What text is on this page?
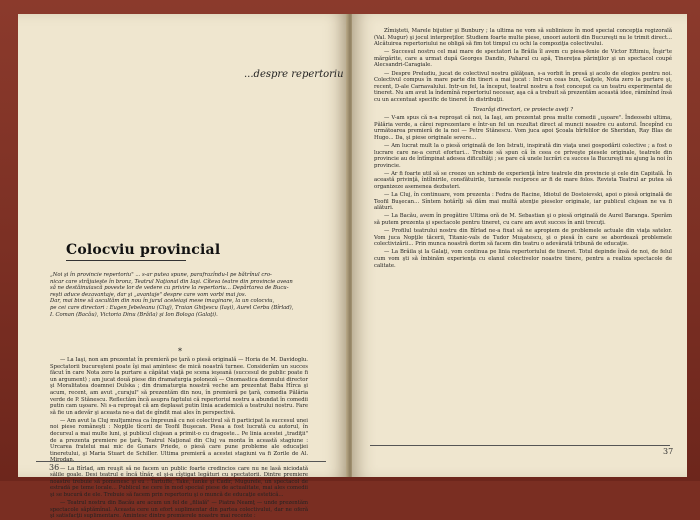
...despre repertoriu
Colocviu provincial
„Noi şi în provincie repertoriu" ... s-ar putea spune, parafrazîndu-l pe bătrînul cro-
nicar care străjuieşte în bronz, Teatrul Naţional din Iaşi. Cîteva teatre din provincie avean
să ne destăinuiască poveste lor de vedere cu privire la repertoriu... Depărtarea de Bucu-
reşti aduce dezavantaje, dar şi „avantaje" despre care vom vorbi mai jos.
Dar, mai bine să ascultăm din nou în jurul aceleiaşi mese imaginare, la un colocviu,
pe cei care directori : Eugen Jebeleanu (Cluj), Traian Ghiţescu (Iaşi), Aurel Cerbu (Bîrlad),
I. Coman (Bacău), Victoria Dinu (Brăila) şi Ion Bologa (Galaţi).
*

— La Iaşi, non am prezentat în premieră pe ţară o piesă originală — Horia de M. Davidoglu. Spectatorii bucureşteni poate îşi mai amintesc de mică noastră turnee. Considerăm un succes făcut în care Nota zero la purtare a căpătat viaţă pe scena ieşeană (succesul de public poate fi un argument) ; am jucat două piese din dramaturgia poloneză — Onomastica domnului director şi Moralitatea doamnei Dulska ; din dramaturgia noastră veche am prezentat Baba Hîrca şi acum, recent, am avut „curajul" să prezentăm din nou, în premieră pe ţară, comedia Pălăria verde de P. Stănescu. Reflectăm încă asupra faptului că repertoriul nostru a abundat în comedii putin cam uşoare. Ni s-a reproşat că am deplasat putin linia academică a teatrului nostru. Fare să fie un adevăr şi aceasta ne-a dat de gîndit mai ales în perspectivă.

— Am avut la Cluj mulţumirea ca împreună cu noi colectivul să fi participat la succesul unei noi piese româneşti : Nopţile tîcerii de Teofil Buşecan. Piesa a fost lucrată cu autorul, în decursul a mai multe luni, şi publicul clujean a primit-o cu dragoste... Pe linia acestei „tradiţii" de a prezenta premiere pe ţară, Teatrul Naţional din Cluj va monta în această stagiune : Urcarea fratelui mai mic de Gunars Priede, o piesă care pune probleme ale educaţiei tineretului, şi Maria Stuart de Schiller. Ultima premieră a acestei stagiuni va fi Zorile de Al.

— La Bîrlad, am reuşit să ne facem un public foarte credincios care nu ne lasă niciodată sălile goale. Desi teatrul e încă tînăr, el şi-a cîştigat legături cu spectatorii. Dintre premiere noastre trebuie să pomenesc şi eu : Tartuffe, Take, Ianke şi Cadîr, Mugurele, un spectacol de estradă pe teme locale... Publicul ne cere în mod special piese de actualitate, mai ales comedii şi se bucură de ele. Trebuie să facem prin repertoriu şi o muncă de educaţie estetică...

— Teatrul nostru din Bacău are acum un fel de „filială" — Piatra Neamţ — unde prezentăm spectacole săptămînal. Aceasta cere un efort suplimentar din partea colectivului, dar ne oferă şi satisfacţii suplimentare. Amintesc dintre premierele noastre mai recente :

36

Zîmişteti, Marele bijutier şi Bunbury ; la ultima ne vom să sublinieze în mod special concepţia regizorală (Val. Mugur) şi jocul interpreţilor. Studiem foarte multe piese, unoori autorii din Bucureşti nu le trimit direct... Alcătuirea repertoriului ne obligă să fim tot timpul cu ochi la compoziţia colectivului.

— Succesul nostru cel mai mare de spectatori la Brăila îl avem cu piesa-fenie de Victor Eftimiu, Înşir'te mărgărite, care a urmat după Georges Dandin, Paharul cu apă, Tinereţea părinţilor şi un spectacol coupé Alecsandri-Caragiale.

— Despre Preludiu, jucat de colectivul nostru gălăţean, s-a vorbit în presă şi acolo de elogios pentru noi. Colectivul compus în mare parte din tineri a mai jucat : Intr-un ceas bun, Gaiţele, Nota zero la purtare şi, recent, D-ale Carnavalului. Intr-un fel, la început, teatrul nostru a fost conceput ca un teatru experimental de tineret. Nu am avut la îndemînă repertoriul necesar, aşa că a trebuit să prezentăm această idee, rămînînd însă cu un accentuat specific de tineret în distribuţii.

Tovarăşi directori, ce proiecte aveţi ?

— V-am spus că n-a reproşat că noi, la Iaşi, am prezentat prea multe comedii „uşoare". Îndeosebi ultima, Pălăria verde, a cărei reprezentare e într-un fel un rezultat direct al muncii noastre cu autorul. Începînd cu următoarea premieră de la noi — Petre Stănescu. Vom juca apoi Şcoala bîrfelilor de Sheridan, Ray Blas de Hugo... Da, şi piese originale severe...

— Am lucrat mult la o piesă originală de Ion Istrati, inspirată din viaţa unei gospodării colective ; a fost o lucrare care ne-a cerut eforturi... Trebuie să spun că în ceea ce priveşte piesele originale, teatrele din provincie au de întîmpinat adesea dificultăţi ; se pare că unele lucrări cu succes la Bucureşti nu ajung la noi în provincie.

— Ar fi foarte util să se creeze un schimb de experienţă între teatrele din provincie şi cele din Capitală. În această privinţă, întîlnirile, consfătuirile, turneele reciproce ar fi de mare folos. Revista Teatrul ar putea să organizeze asemenea dezbateri.

— La Cluj, în continuare, vom prezenta : Fedra de Racine, Idiotul de Dostoievski, apoi o piesă originală de Teofil Buşecan... Sîntem hotărîţi să dăm mai multă atenţie pieselor originale, iar publicul clujean ne va fi alături.

— La Bacău, avem în pregătire Ultima oră de M. Sebastian şi o piesă originală de Aurel Baranga. Sperăm să putem prezenta şi spectacole pentru tineret, cu care am avut succes în anii trecuţi.

— Profilul teatrului nostru din Bîrlad ne-a fixat să ne apropiem de problemele actuale din viaţa satelor. Vom juca Nopţile tăcerii, Titanic-vals de Tudor Muşatescu, şi o piesă în care se abordează problemele colectivizării... Prin munca noastră dorim să facem din teatru o adevărată tribună de educaţie.

— La Brăila şi la Galaţi, vom continua pe linia repertoriului de tineret. Totul depinde însă de noi, de felul cum vom şti să îmbinăm experienţa cu elanul colectivelor noastre tinere, pentru a realiza spectacole de calitate.

37
